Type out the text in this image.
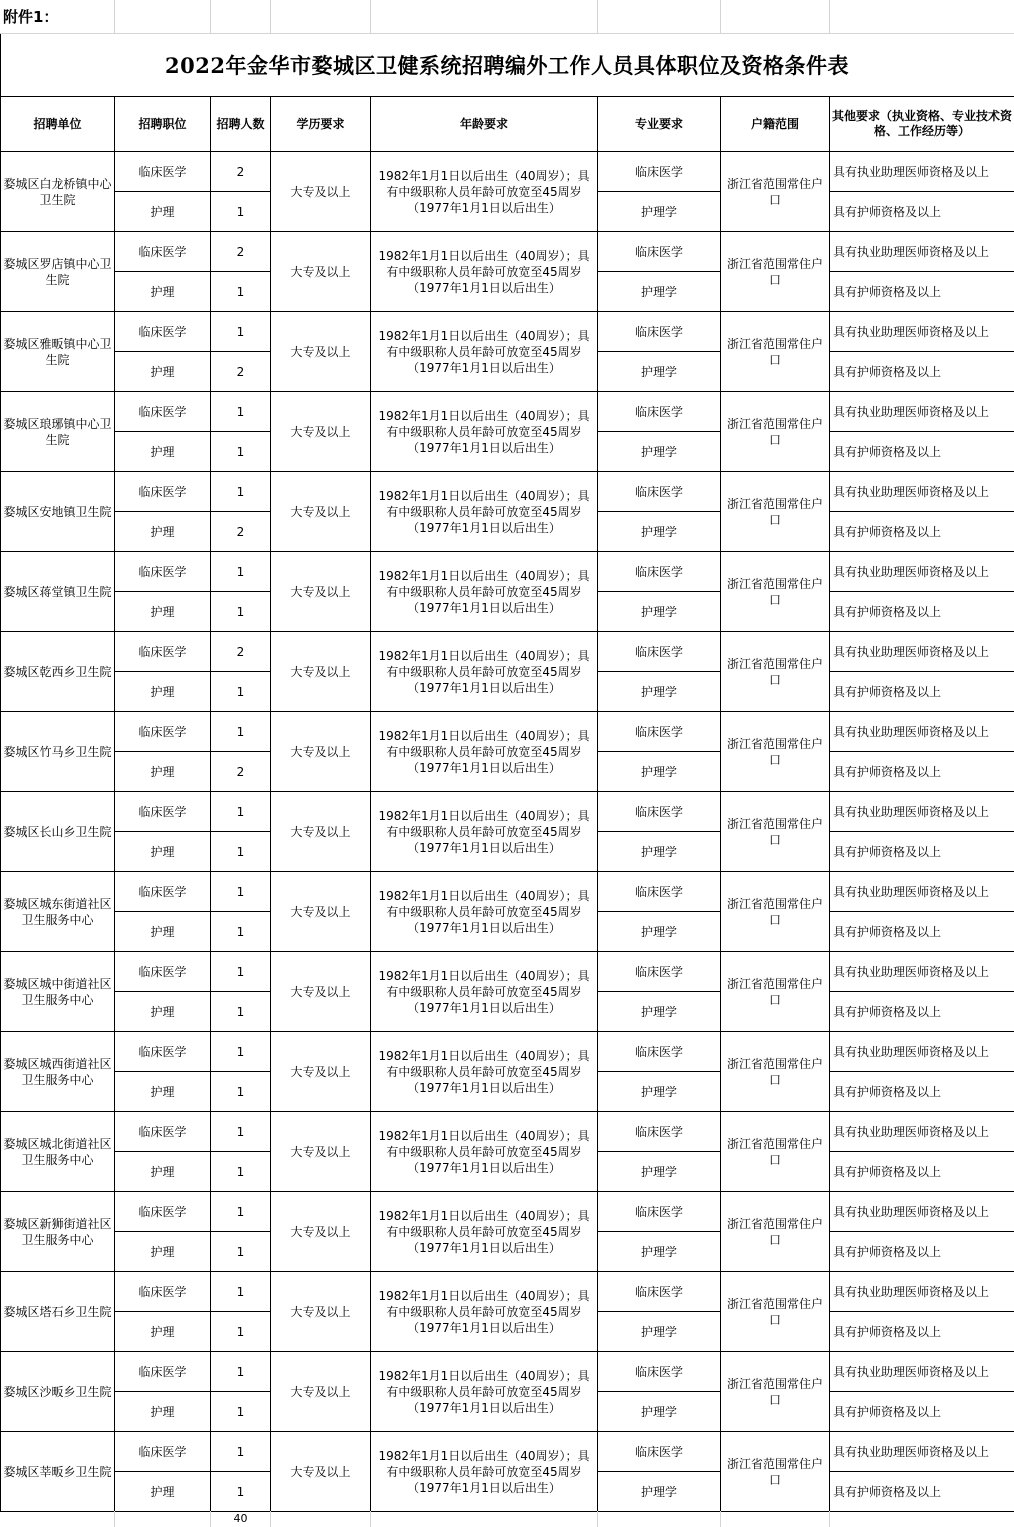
附件1：
2022年金华市婺城区卫健系统招聘编外工作人员具体职位及资格条件表
招聘单位	招聘职位	招聘人数	学历要求	年龄要求	专业要求	户籍范围	其他要求（执业资格、专业技术资格、工作经历等）
婺城区白龙桥镇中心卫生院	临床医学	2	大专及以上	1982年1月1日以后出生（40周岁）；具有中级职称人员年龄可放宽至45周岁（1977年1月1日以后出生）	临床医学	浙江省范围常住户口	具有执业助理医师资格及以上
	护理	1			护理学		具有护师资格及以上
婺城区罗店镇中心卫生院	临床医学	2	大专及以上	1982年1月1日以后出生（40周岁）；具有中级职称人员年龄可放宽至45周岁（1977年1月1日以后出生）	临床医学	浙江省范围常住户口	具有执业助理医师资格及以上
	护理	1			护理学		具有护师资格及以上
婺城区雅畈镇中心卫生院	临床医学	1	大专及以上	1982年1月1日以后出生（40周岁）；具有中级职称人员年龄可放宽至45周岁（1977年1月1日以后出生）	临床医学	浙江省范围常住户口	具有执业助理医师资格及以上
	护理	2			护理学		具有护师资格及以上
婺城区琅琊镇中心卫生院	临床医学	1	大专及以上	1982年1月1日以后出生（40周岁）；具有中级职称人员年龄可放宽至45周岁（1977年1月1日以后出生）	临床医学	浙江省范围常住户口	具有执业助理医师资格及以上
	护理	1			护理学		具有护师资格及以上
婺城区安地镇卫生院	临床医学	1	大专及以上	1982年1月1日以后出生（40周岁）；具有中级职称人员年龄可放宽至45周岁（1977年1月1日以后出生）	临床医学	浙江省范围常住户口	具有执业助理医师资格及以上
	护理	2			护理学		具有护师资格及以上
婺城区蒋堂镇卫生院	临床医学	1	大专及以上	1982年1月1日以后出生（40周岁）；具有中级职称人员年龄可放宽至45周岁（1977年1月1日以后出生）	临床医学	浙江省范围常住户口	具有执业助理医师资格及以上
	护理	1			护理学		具有护师资格及以上
婺城区乾西乡卫生院	临床医学	2	大专及以上	1982年1月1日以后出生（40周岁）；具有中级职称人员年龄可放宽至45周岁（1977年1月1日以后出生）	临床医学	浙江省范围常住户口	具有执业助理医师资格及以上
	护理	1			护理学		具有护师资格及以上
婺城区竹马乡卫生院	临床医学	1	大专及以上	1982年1月1日以后出生（40周岁）；具有中级职称人员年龄可放宽至45周岁（1977年1月1日以后出生）	临床医学	浙江省范围常住户口	具有执业助理医师资格及以上
	护理	2			护理学		具有护师资格及以上
婺城区长山乡卫生院	临床医学	1	大专及以上	1982年1月1日以后出生（40周岁）；具有中级职称人员年龄可放宽至45周岁（1977年1月1日以后出生）	临床医学	浙江省范围常住户口	具有执业助理医师资格及以上
	护理	1			护理学		具有护师资格及以上
婺城区城东街道社区卫生服务中心	临床医学	1	大专及以上	1982年1月1日以后出生（40周岁）；具有中级职称人员年龄可放宽至45周岁（1977年1月1日以后出生）	临床医学	浙江省范围常住户口	具有执业助理医师资格及以上
	护理	1			护理学		具有护师资格及以上
婺城区城中街道社区卫生服务中心	临床医学	1	大专及以上	1982年1月1日以后出生（40周岁）；具有中级职称人员年龄可放宽至45周岁（1977年1月1日以后出生）	临床医学	浙江省范围常住户口	具有执业助理医师资格及以上
	护理	1			护理学		具有护师资格及以上
婺城区城西街道社区卫生服务中心	临床医学	1	大专及以上	1982年1月1日以后出生（40周岁）；具有中级职称人员年龄可放宽至45周岁（1977年1月1日以后出生）	临床医学	浙江省范围常住户口	具有执业助理医师资格及以上
	护理	1			护理学		具有护师资格及以上
婺城区城北街道社区卫生服务中心	临床医学	1	大专及以上	1982年1月1日以后出生（40周岁）；具有中级职称人员年龄可放宽至45周岁（1977年1月1日以后出生）	临床医学	浙江省范围常住户口	具有执业助理医师资格及以上
	护理	1			护理学		具有护师资格及以上
婺城区新狮街道社区卫生服务中心	临床医学	1	大专及以上	1982年1月1日以后出生（40周岁）；具有中级职称人员年龄可放宽至45周岁（1977年1月1日以后出生）	临床医学	浙江省范围常住户口	具有执业助理医师资格及以上
	护理	1			护理学		具有护师资格及以上
婺城区塔石乡卫生院	临床医学	1	大专及以上	1982年1月1日以后出生（40周岁）；具有中级职称人员年龄可放宽至45周岁（1977年1月1日以后出生）	临床医学	浙江省范围常住户口	具有执业助理医师资格及以上
	护理	1			护理学		具有护师资格及以上
婺城区沙畈乡卫生院	临床医学	1	大专及以上	1982年1月1日以后出生（40周岁）；具有中级职称人员年龄可放宽至45周岁（1977年1月1日以后出生）	临床医学	浙江省范围常住户口	具有执业助理医师资格及以上
	护理	1			护理学		具有护师资格及以上
婺城区莘畈乡卫生院	临床医学	1	大专及以上	1982年1月1日以后出生（40周岁）；具有中级职称人员年龄可放宽至45周岁（1977年1月1日以后出生）	临床医学	浙江省范围常住户口	具有执业助理医师资格及以上
	护理	1			护理学		具有护师资格及以上
40
